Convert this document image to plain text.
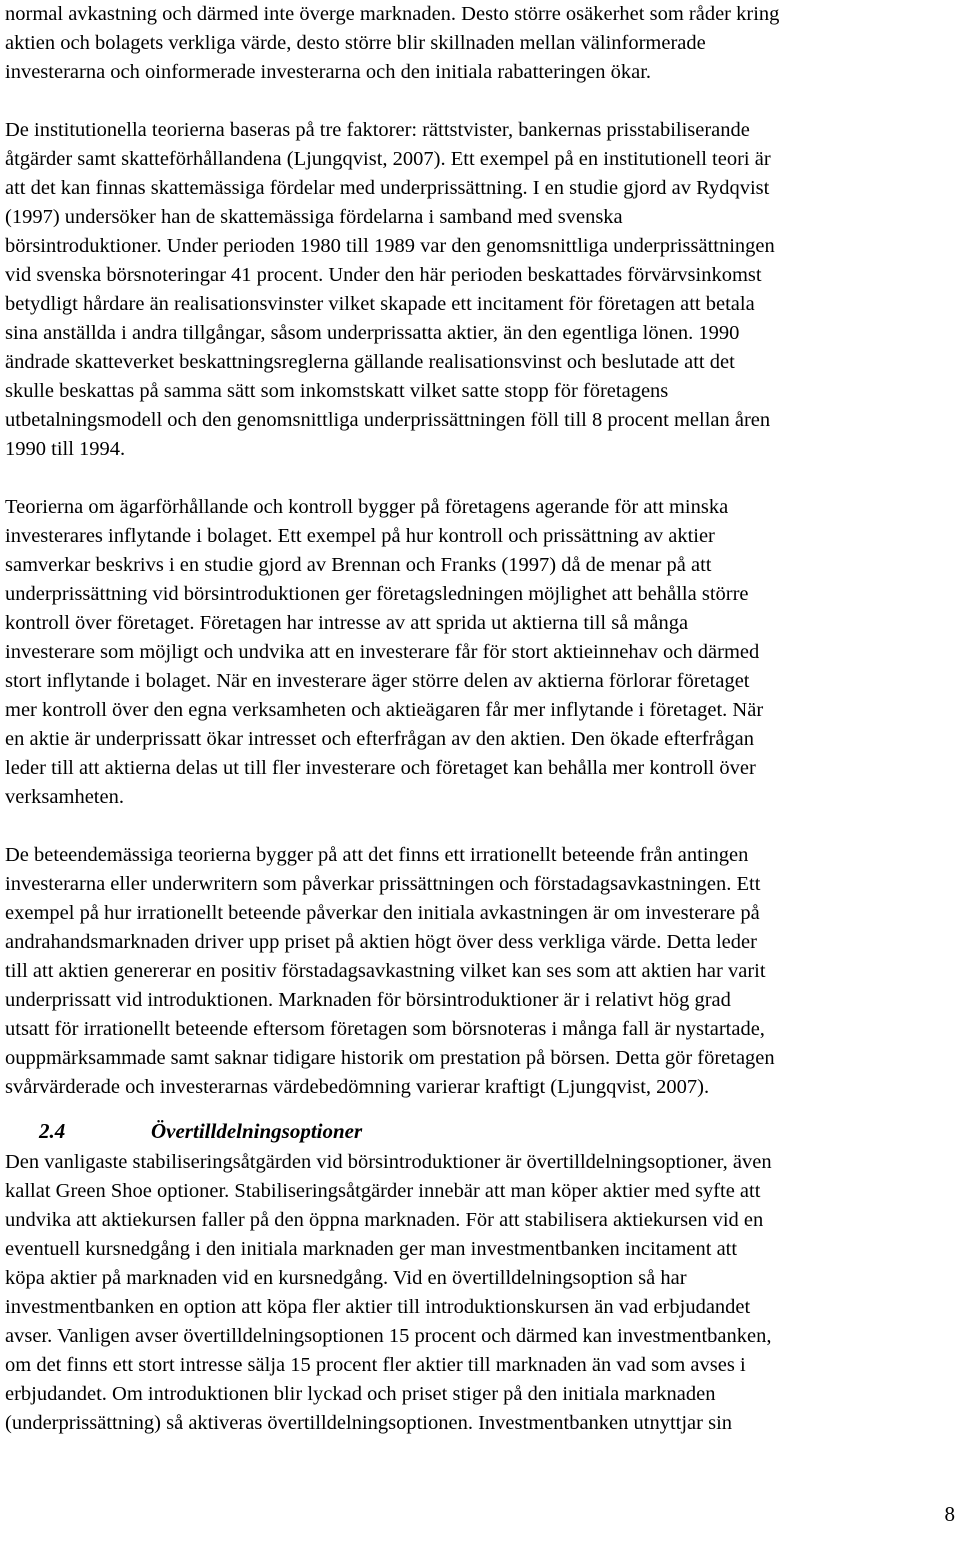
normal avkastning och därmed inte överge marknaden. Desto större osäkerhet som råder kring
aktien och bolagets verkliga värde, desto större blir skillnaden mellan välinformerade
investerarna och oinformerade investerarna och den initiala rabatteringen ökar.

De institutionella teorierna baseras på tre faktorer: rättstvister, bankernas prisstabiliserande
åtgärder samt skatteförhållandena (Ljungqvist, 2007). Ett exempel på en institutionell teori är
att det kan finnas skattemässiga fördelar med underprissättning. I en studie gjord av Rydqvist
(1997) undersöker han de skattemässiga fördelarna i samband med svenska
börsintroduktioner. Under perioden 1980 till 1989 var den genomsnittliga underprissättningen
vid svenska börsnoteringar 41 procent. Under den här perioden beskattades förvärvsinkomst
betydligt hårdare än realisationsvinster vilket skapade ett incitament för företagen att betala
sina anställda i andra tillgångar, såsom underprissatta aktier, än den egentliga lönen. 1990
ändrade skatteverket beskattningsreglerna gällande realisationsvinst och beslutade att det
skulle beskattas på samma sätt som inkomstskatt vilket satte stopp för företagens
utbetalningsmodell och den genomsnittliga underprissättningen föll till 8 procent mellan åren
1990 till 1994.

Teorierna om ägarförhållande och kontroll bygger på företagens agerande för att minska
investerares inflytande i bolaget. Ett exempel på hur kontroll och prissättning av aktier
samverkar beskrivs i en studie gjord av Brennan och Franks (1997) då de menar på att
underprissättning vid börsintroduktionen ger företagsledningen möjlighet att behålla större
kontroll över företaget. Företagen har intresse av att sprida ut aktierna till så många
investerare som möjligt och undvika att en investerare får för stort aktieinnehav och därmed
stort inflytande i bolaget. När en investerare äger större delen av aktierna förlorar företaget
mer kontroll över den egna verksamheten och aktieägaren får mer inflytande i företaget. När
en aktie är underprissatt ökar intresset och efterfrågan av den aktien. Den ökade efterfrågan
leder till att aktierna delas ut till fler investerare och företaget kan behålla mer kontroll över
verksamheten.

De beteendemässiga teorierna bygger på att det finns ett irrationellt beteende från antingen
investerarna eller underwritern som påverkar prissättningen och förstadagsavkastningen. Ett
exempel på hur irrationellt beteende påverkar den initiala avkastningen är om investerare på
andrahandsmarknaden driver upp priset på aktien högt över dess verkliga värde. Detta leder
till att aktien genererar en positiv förstadagsavkastning vilket kan ses som att aktien har varit
underprissatt vid introduktionen. Marknaden för börsintroduktioner är i relativt hög grad
utsatt för irrationellt beteende eftersom företagen som börsnoteras i många fall är nystartade,
ouppmärksammade samt saknar tidigare historik om prestation på börsen. Detta gör företagen
svårvärderade och investerarnas värdebedömning varierar kraftigt (Ljungqvist, 2007).

2.4	Övertilldelningsoptioner
Den vanligaste stabiliseringsåtgärden vid börsintroduktioner är övertilldelningsoptioner, även
kallat Green Shoe optioner. Stabiliseringsåtgärder innebär att man köper aktier med syfte att
undvika att aktiekursen faller på den öppna marknaden. För att stabilisera aktiekursen vid en
eventuell kursnedgång i den initiala marknaden ger man investmentbanken incitament att
köpa aktier på marknaden vid en kursnedgång. Vid en övertilldelningsoption så har
investmentbanken en option att köpa fler aktier till introduktionskursen än vad erbjudandet
avser. Vanligen avser övertilldelningsoptionen 15 procent och därmed kan investmentbanken,
om det finns ett stort intresse sälja 15 procent fler aktier till marknaden än vad som avses i
erbjudandet. Om introduktionen blir lyckad och priset stiger på den initiala marknaden
(underprissättning) så aktiveras övertilldelningsoptionen. Investmentbanken utnyttjar sin
8
